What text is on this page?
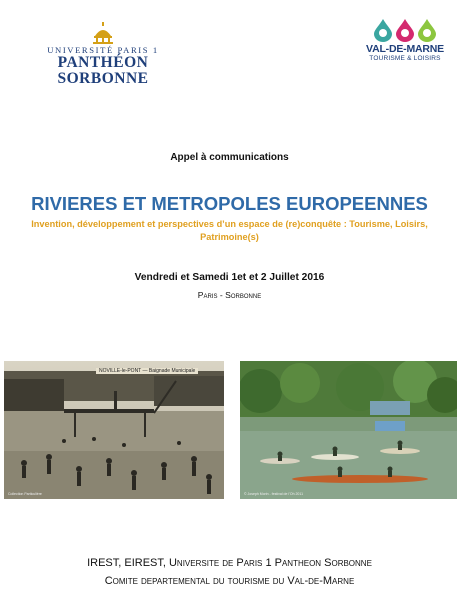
UNIVERSITÉ PARIS 1
PANTHÉON SORBONNE
VAL-DE-MARNE
TOURISME & LOISIRS
Appel à communications
RIVIERES ET METROPOLES EUROPEENNES
Invention, développement et perspectives d’un espace de (re)conquête : Tourisme, Loisirs, Patrimoine(s)
Vendredi et Samedi 1et et 2 Juillet 2016
Paris - Sorbonne
NOVILLE-le-PONT — Baignade Municipale
Collection Particulière	© Joseph Morin - festival de l'Oh 2011
IREST, EIREST, Universite de Paris 1 Pantheon Sorbonne
Comite departemental du tourisme du Val-de-Marne
